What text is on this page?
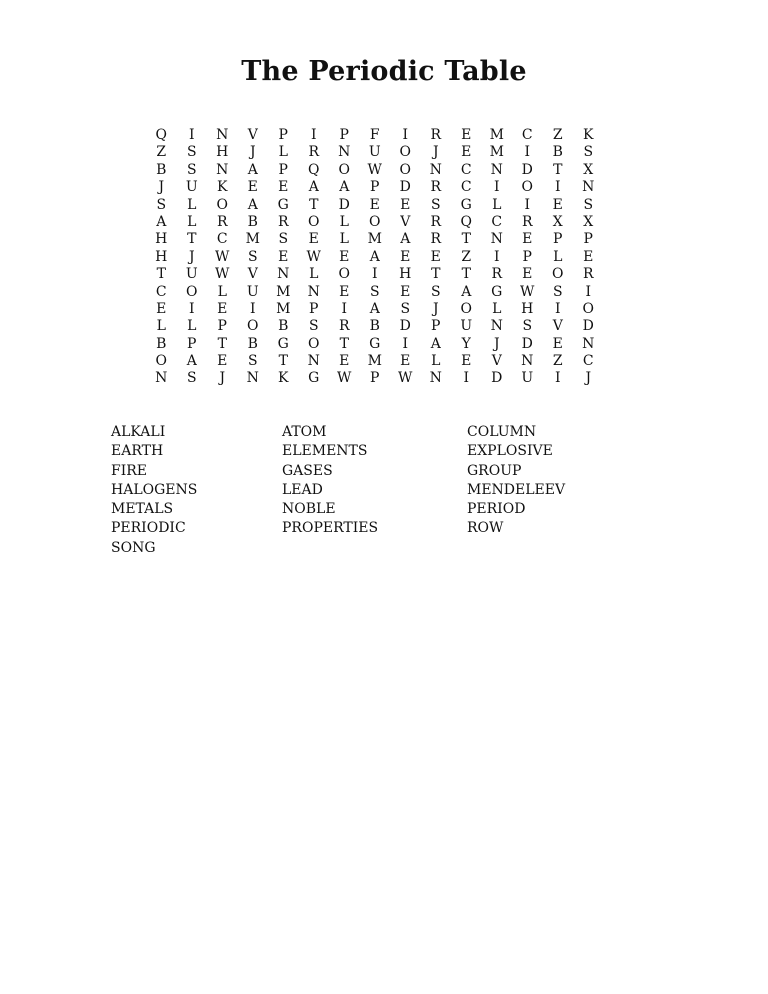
The Periodic Table
Q	I	N	V	P	I	P	F	I	R	E	M	C	Z	K
Z	S	H	J	L	R	N	U	O	J	E	M	I	B	S
B	S	N	A	P	Q	O	W	O	N	C	N	D	T	X
J	U	K	E	E	A	A	P	D	R	C	I	O	I	N
S	L	O	A	G	T	D	E	E	S	G	L	I	E	S
A	L	R	B	R	O	L	O	V	R	Q	C	R	X	X
H	T	C	M	S	E	L	M	A	R	T	N	E	P	P
H	J	W	S	E	W	E	A	E	E	Z	I	P	L	E
T	U	W	V	N	L	O	I	H	T	T	R	E	O	R
C	O	L	U	M	N	E	S	E	S	A	G	W	S	I
E	I	E	I	M	P	I	A	S	J	O	L	H	I	O
L	L	P	O	B	S	R	B	D	P	U	N	S	V	D
B	P	T	B	G	O	T	G	I	A	Y	J	D	E	N
O	A	E	S	T	N	E	M	E	L	E	V	N	Z	C
N	S	J	N	K	G	W	P	W	N	I	D	U	I	J
ALKALI	ATOM	COLUMN
EARTH	ELEMENTS	EXPLOSIVE
FIRE	GASES	GROUP
HALOGENS	LEAD	MENDELEEV
METALS	NOBLE	PERIOD
PERIODIC	PROPERTIES	ROW
SONG
